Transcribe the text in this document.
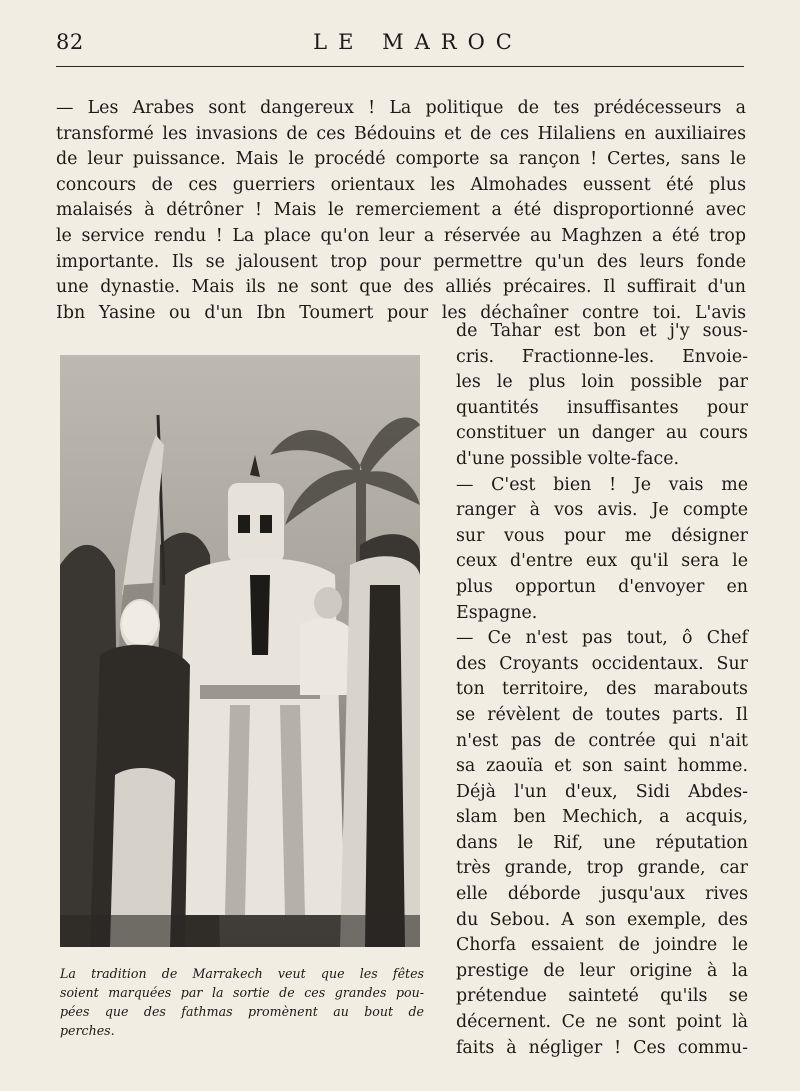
82	LE MAROC
— Les Arabes sont dangereux ! La politique de tes prédécesseurs a
transformé les invasions de ces Bédouins et de ces Hilaliens en auxiliaires
de leur puissance. Mais le procédé comporte sa rançon ! Certes, sans le
concours de ces guerriers orientaux les Almohades eussent été plus
malaisés à détrôner ! Mais le remerciement a été disproportionné avec
le service rendu ! La place qu'on leur a réservée au Maghzen a été trop
importante. Ils se jalousent trop pour permettre qu'un des leurs fonde
une dynastie. Mais ils ne sont que des alliés précaires. Il suffirait d'un
Ibn Yasine ou d'un Ibn Toumert pour les déchaîner contre toi. L'avis
La tradition de Marrakech veut que les fêtes
soient marquées par la sortie de ces grandes pou-
pées que des fathmas promènent au bout de
perches.
de Tahar est bon et j'y sous-
cris. Fractionne-les. Envoie-
les le plus loin possible par
quantités insuffisantes pour
constituer un danger au cours
d'une possible volte-face.
— C'est bien ! Je vais me
ranger à vos avis. Je compte
sur vous pour me désigner
ceux d'entre eux qu'il sera le
plus opportun d'envoyer en
Espagne.
— Ce n'est pas tout, ô Chef
des Croyants occidentaux. Sur
ton territoire, des marabouts
se révèlent de toutes parts. Il
n'est pas de contrée qui n'ait
sa zaouïa et son saint homme.
Déjà l'un d'eux, Sidi Abdes-
slam ben Mechich, a acquis,
dans le Rif, une réputation
très grande, trop grande, car
elle déborde jusqu'aux rives
du Sebou. A son exemple, des
Chorfa essaient de joindre le
prestige de leur origine à la
prétendue sainteté qu'ils se
décernent. Ce ne sont point là
faits à négliger ! Ces commu-
